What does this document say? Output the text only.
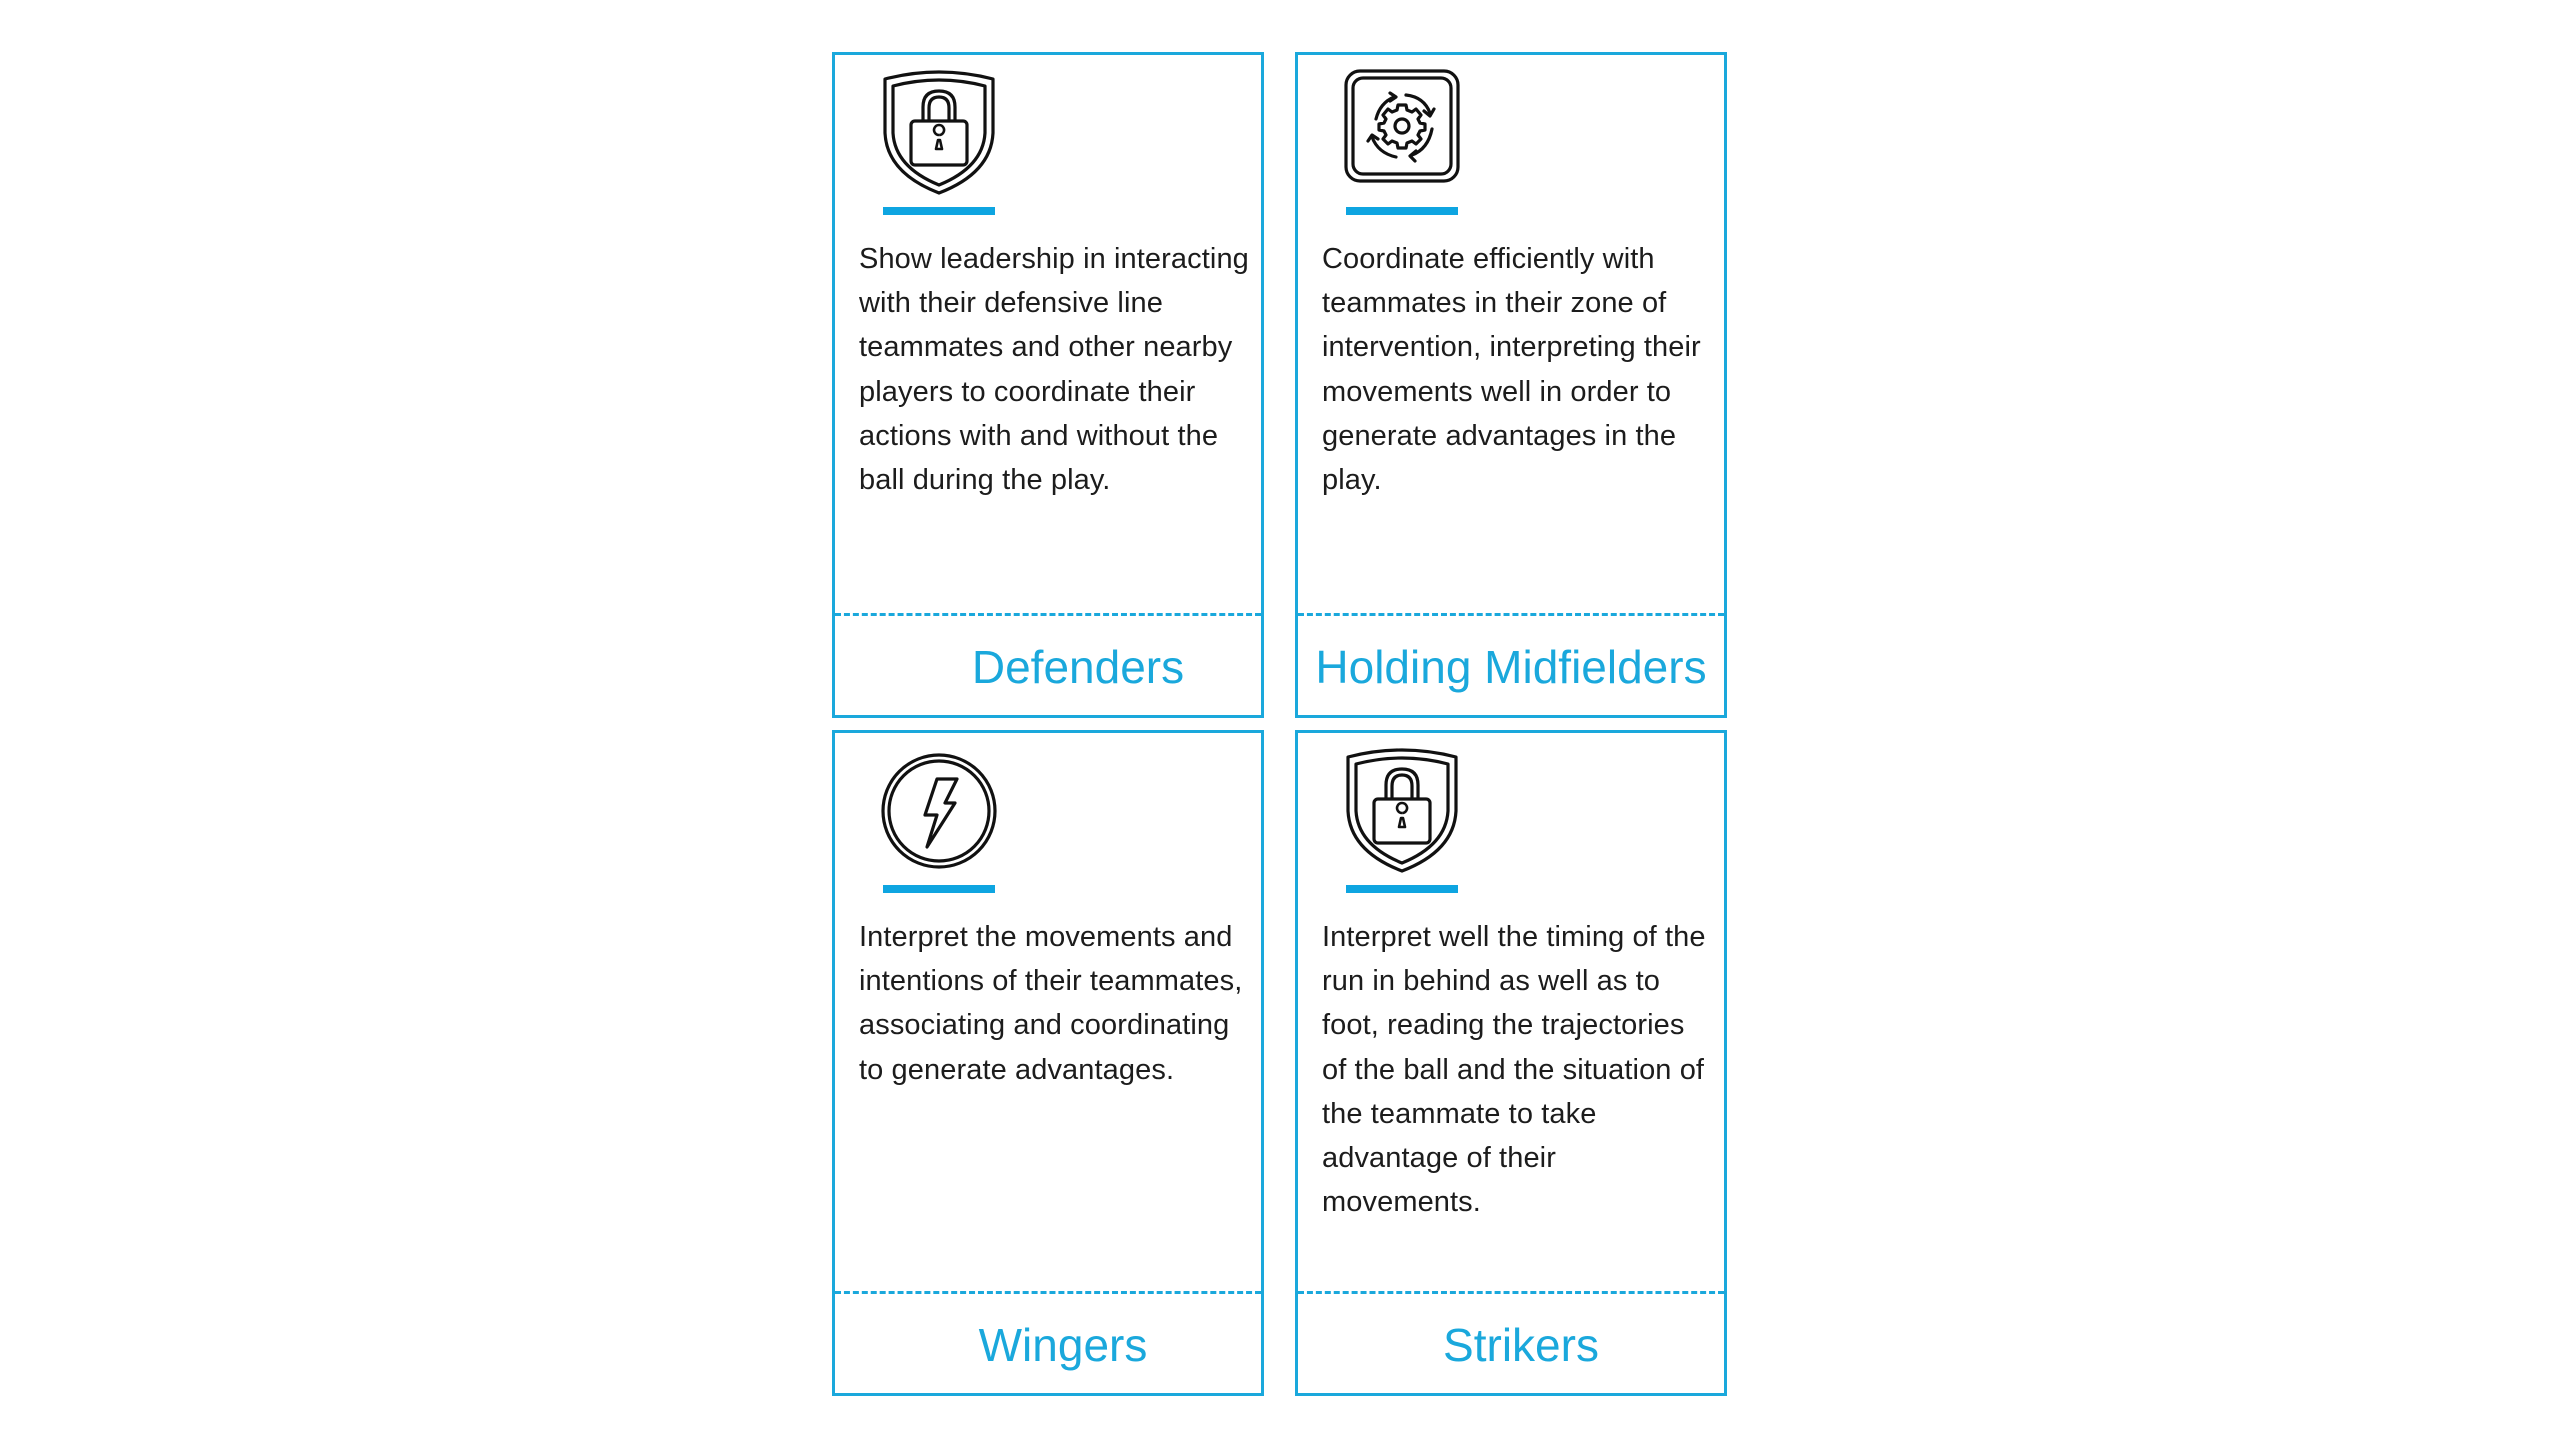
Show leadership in interacting with their defensive line teammates and other nearby players to coordinate their actions with and without the ball during the play.

Defenders

Coordinate efficiently with teammates in their zone of intervention, interpreting their movements well in order to generate advantages in the play.

Holding Midfielders

Interpret the movements and intentions of their teammates, associating and coordinating to generate advantages.

Wingers

Interpret well the timing of the run in behind as well as to foot, reading the trajectories of the ball and the situation of the teammate to take advantage of their movements.

Strikers
